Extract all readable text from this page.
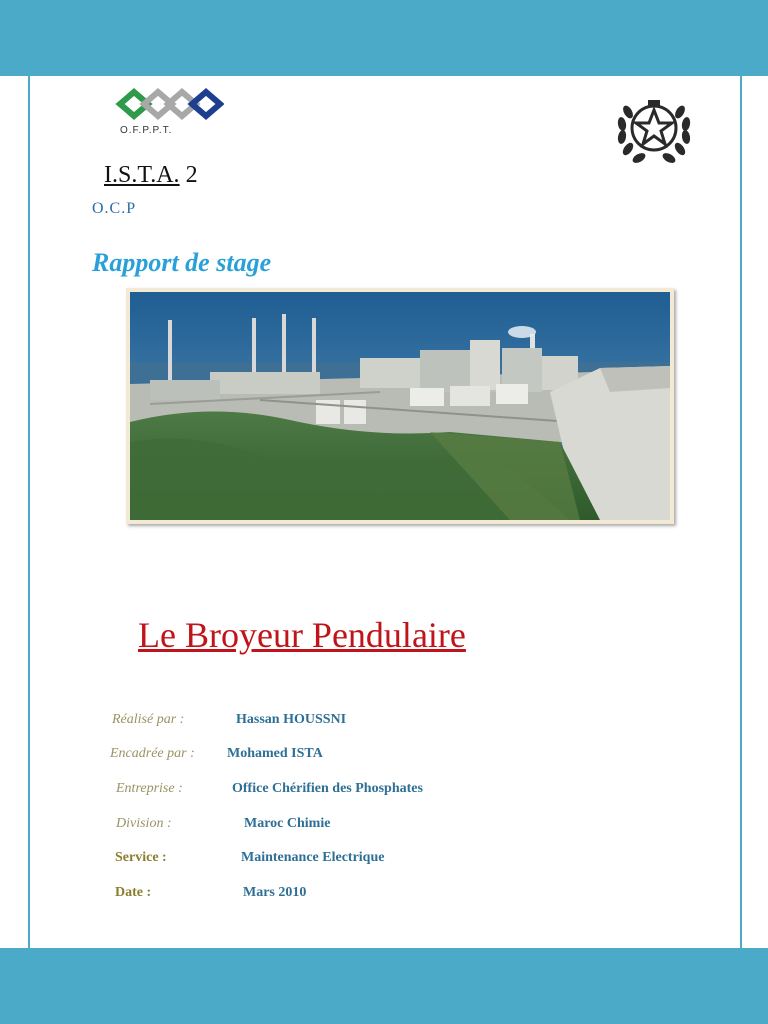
O.F.P.P.T.
I.S.T.A. 2
O.C.P
Rapport de stage
Le Broyeur Pendulaire
Réalisé par :	Hassan HOUSSNI
Encadrée par : Mohamed ISTA
Entreprise :	Office Chérifien des Phosphates
Division :	Maroc Chimie
Service :	Maintenance Electrique
Date :	Mars 2010
